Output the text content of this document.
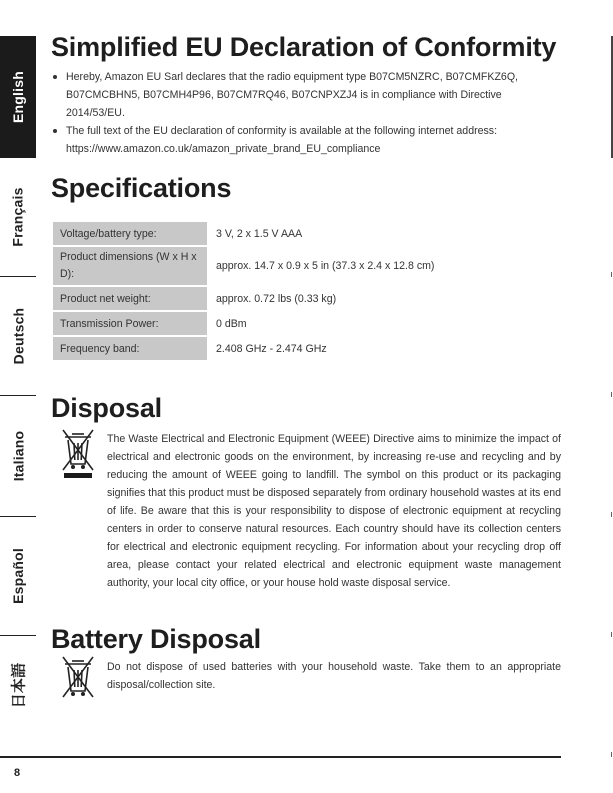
English
Français
Deutsch
Italiano
Español
日本語
Simplified EU Declaration of Conformity
Hereby, Amazon EU Sarl declares that the radio equipment type B07CM5NZRC, B07CMFKZ6Q, B07CMCBHN5, B07CMH4P96, B07CM7RQ46, B07CNPXZJ4 is in compliance with Directive 2014/53/EU.
The full text of the EU declaration of conformity is available at the following internet address: https://www.amazon.co.uk/amazon_private_brand_EU_compliance
Specifications
Voltage/battery type:	3 V, 2 x 1.5 V AAA
Product dimensions (W x H x D):	approx. 14.7 x 0.9 x 5 in (37.3 x 2.4 x 12.8 cm)
Product net weight:	approx. 0.72 lbs (0.33 kg)
Transmission Power:	0 dBm
Frequency band:	2.408 GHz - 2.474 GHz
Disposal

The Waste Electrical and Electronic Equipment (WEEE) Directive aims to minimize the impact of electrical and electronic goods on the environment, by increasing re-use and recycling and by reducing the amount of WEEE going to landfill. The symbol on this product or its packaging signifies that this product must be disposed separately from ordinary household wastes at its end of life. Be aware that this is your responsibility to dispose of electronic equipment at recycling centers in order to conserve natural resources. Each country should have its collection centers for electrical and electronic equipment recycling. For information about your recycling drop off area, please contact your related electrical and electronic equipment waste management authority, your local city office, or your house hold waste disposal service.

Battery Disposal

Do not dispose of used batteries with your household waste. Take them to an appropriate disposal/collection site.

8
